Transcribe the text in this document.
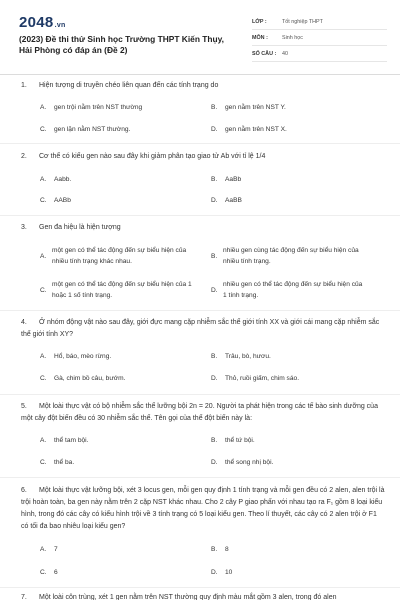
2048.vn
(2023) Đề thi thử Sinh học Trường THPT Kiến Thụy, Hải Phòng có đáp án (Đề 2)
LỚP :	Tốt nghiệp THPT
MÔN :	Sinh học
SỐ CÂU :	40
1. Hiện tượng di truyền chéo liên quan đến các tính trạng do
A. gen trội nằm trên NST thường	B. gen nằm trên NST Y.
C. gen lặn nằm NST thường.	D. gen nằm trên NST X.
2. Cơ thể có kiểu gen nào sau đây khi giảm phân tạo giao tử Ab với tỉ lệ 1/4
A. Aabb.	B. AaBb
C. AABb	D. AaBB
3. Gen đa hiệu là hiện tượng
A.
một gen có thể tác động đến sự biểu hiện của nhiều tính trạng khác nhau.
B.
nhiều gen cùng tác động đến sự biểu hiện của nhiều tính trạng.
C.
một gen có thể tác động đến sự biểu hiện của 1 hoặc 1 số tính trạng.
D.
nhiều gen có thể tác động đến sự biểu hiện của 1 tính trạng.
4. Ở nhóm động vật nào sau đây, giới đực mang cặp nhiễm sắc thể giới tính XX và giới cái mang cặp nhiễm sắc thể giới tính XY?
A. Hổ, báo, mèo rừng.	B. Trâu, bò, hươu.
C. Gà, chim bồ câu, bướm.	D. Thỏ, ruồi giấm, chim sáo.
5. Một loài thực vật có bộ nhiễm sắc thể lưỡng bội 2n = 20. Người ta phát hiện trong các tế bào sinh dưỡng của một cây đột biến đều có 30 nhiễm sắc thể. Tên gọi của thể đột biến này là:
A. thể tam bội.	B. thể tứ bội.
C. thể ba.	D. thể song nhị bội.
6. Một loài thực vật lưỡng bội, xét 3 locus gen, mỗi gen quy định 1 tính trạng và mỗi gen đều có 2 alen, alen trội là trội hoàn toàn, ba gen này nằm trên 2 cặp NST khác nhau. Cho 2 cây P giao phấn với nhau tạo ra F₁ gồm 8 loại kiểu hình, trong đó các cây có kiểu hình trội về 3 tính trạng có 5 loại kiểu gen. Theo lí thuyết, các cây có 2 alen trội ở F1 có tối đa bao nhiêu loại kiểu gen?
A. 7	B. 8
C. 6	D. 10
7. Một loài côn trùng, xét 1 gen nằm trên NST thường quy định màu mắt gồm 3 alen, trong đó alen
